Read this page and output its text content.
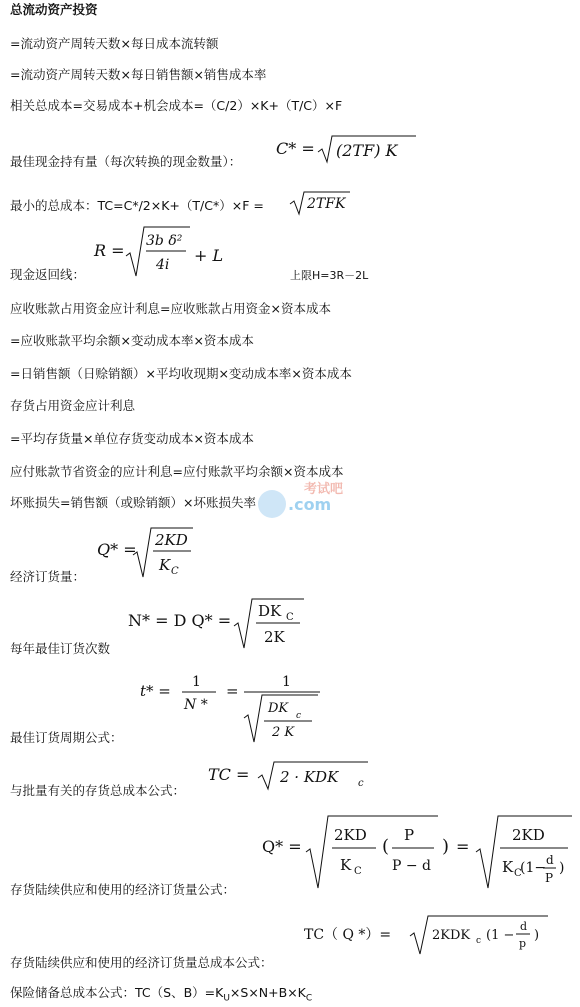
总流动资产投资
=流动资产周转天数×每日成本流转额
=流动资产周转天数×每日销售额×销售成本率
相关总成本=交易成本+机会成本=（C/2）×K+（T/C）×F
最佳现金持有量（每次转换的现金数量）：
最小的总成本：TC=C*/2×K+（T/C*）×F =
现金返回线：	上限H=3R－2L
应收账款占用资金应计利息=应收账款占用资金×资本成本
=应收账款平均余额×变动成本率×资本成本
=日销售额（日赊销额）×平均收现期×变动成本率×资本成本
存货占用资金应计利息
=平均存货量×单位存货变动成本×资本成本
应付账款节省资金的应计利息=应付账款平均余额×资本成本
坏账损失=销售额（或赊销额）×坏账损失率
经济订货量：
每年最佳订货次数
最佳订货周期公式：
与批量有关的存货总成本公式：
存货陆续供应和使用的经济订货量公式：
存货陆续供应和使用的经济订货量总成本公式：
保险储备总成本公式：TC（S、$B)=K_U\times S\times N+B\times K_C$
考试吧
.com
C* = (2TF) K
2TFK
R = 3b δ²
4i + L
Q* = 2KD
K C
N* = D Q* = DK C
2K
t* = 1
N *
=	1
DK c
2 K
TC = 2 · KDK c
Q* =
2KD
K C
(
P
P − d
) =
2KD
K C
(1− d
P
)
TC（ Q *）=	2KDK c (1 −
d
p
)
